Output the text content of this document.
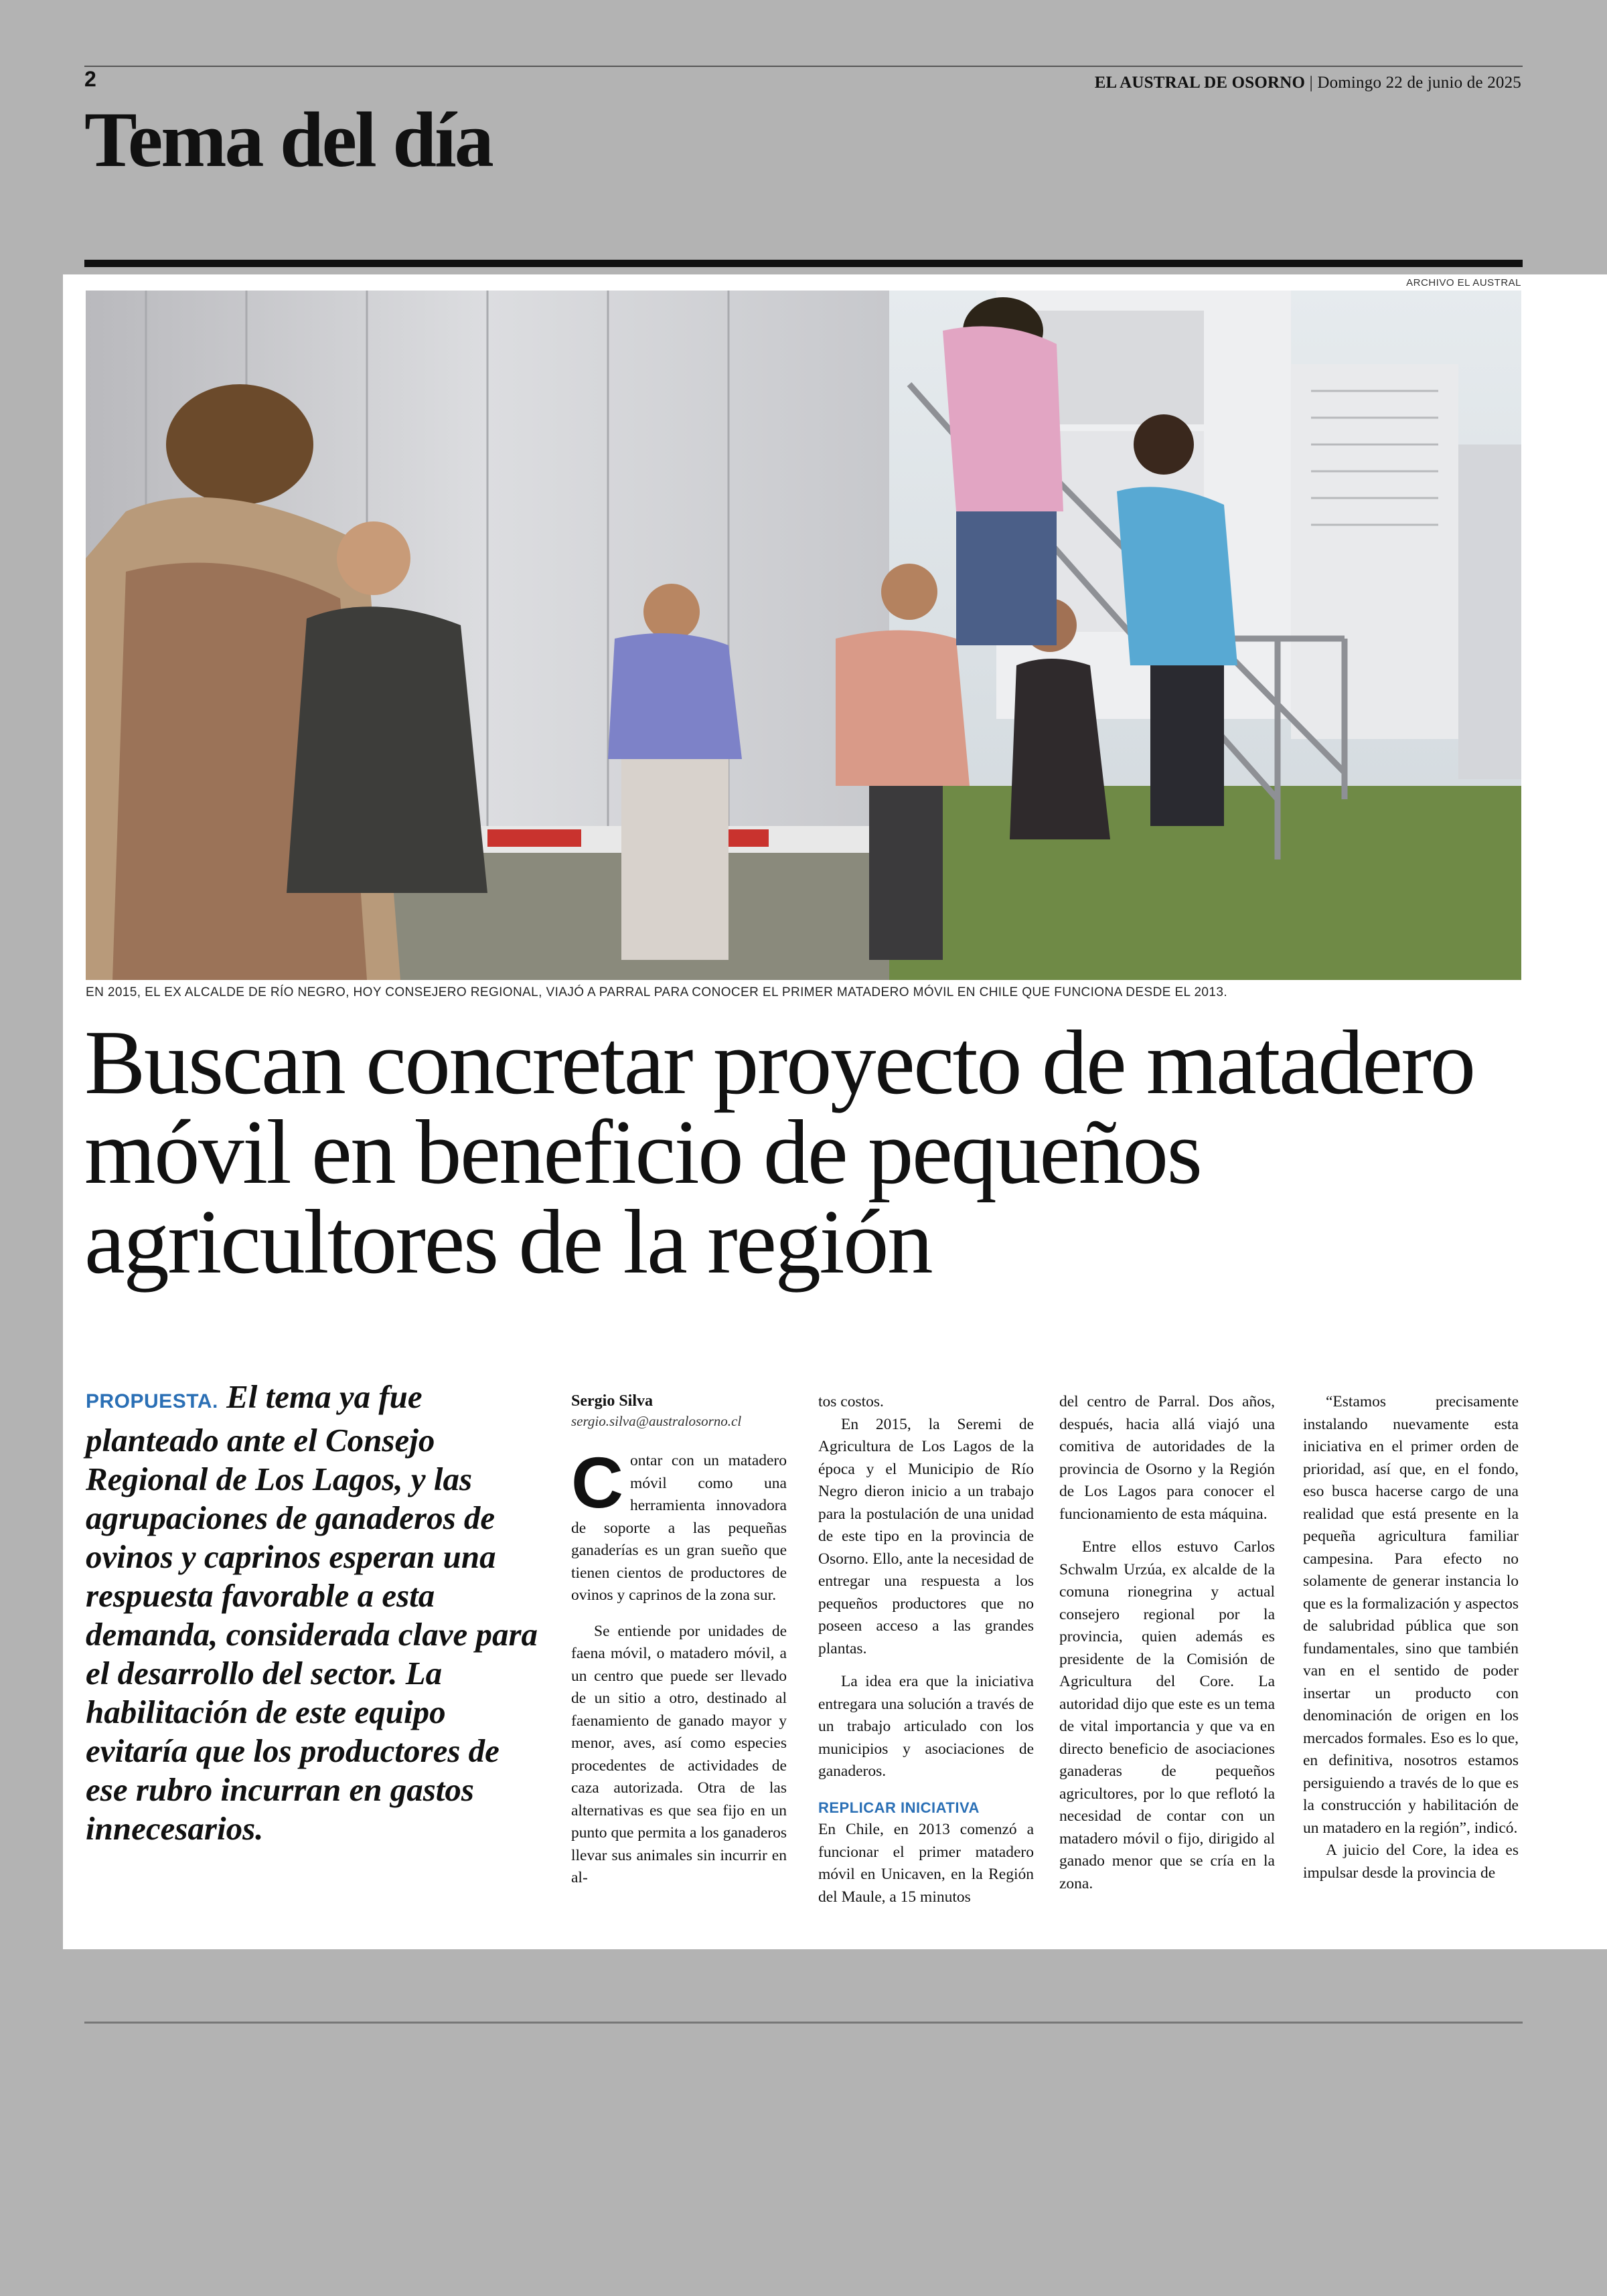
2	EL AUSTRAL DE OSORNO | Domingo 22 de junio de 2025
Tema del día
ARCHIVO EL AUSTRAL
EN 2015, EL EX ALCALDE DE RÍO NEGRO, HOY CONSEJERO REGIONAL, VIAJÓ A PARRAL PARA CONOCER EL PRIMER MATADERO MÓVIL EN CHILE QUE FUNCIONA DESDE EL 2013.
Buscan concretar proyecto de matadero móvil en beneficio de pequeños agricultores de la región

PROPUESTA. El tema ya fue planteado ante el Consejo Regional de Los Lagos, y las agrupaciones de ganaderos de ovinos y caprinos esperan una respuesta favorable a esta demanda, considerada clave para el desarrollo del sector. La habilitación de este equipo evitaría que los productores de ese rubro incurran en gastos innecesarios.

Sergio Silva
sergio.silva@australosorno.cl

Contar con un matadero móvil como una herramienta innovadora de soporte a las pequeñas ganaderías es un gran sueño que tienen cientos de productores de ovinos y caprinos de la zona sur.

Se entiende por unidades de faena móvil, o matadero móvil, a un centro que puede ser llevado de un sitio a otro, destinado al faenamiento de ganado mayor y menor, aves, así como especies procedentes de actividades de caza autorizada. Otra de las alternativas es que sea fijo en un punto que permita a los ganaderos llevar sus animales sin incurrir en al-

tos costos.

En 2015, la Seremi de Agricultura de Los Lagos de la época y el Municipio de Río Negro dieron inicio a un trabajo para la postulación de una unidad de este tipo en la provincia de Osorno. Ello, ante la necesidad de entregar una respuesta a los pequeños productores que no poseen acceso a las grandes plantas.

La idea era que la iniciativa entregara una solución a través de un trabajo articulado con los municipios y asociaciones de ganaderos.

REPLICAR INICIATIVA

En Chile, en 2013 comenzó a funcionar el primer matadero móvil en Unicaven, en la Región del Maule, a 15 minutos

del centro de Parral. Dos años, después, hacia allá viajó una comitiva de autoridades de la provincia de Osorno y la Región de Los Lagos para conocer el funcionamiento de esta máquina.

Entre ellos estuvo Carlos Schwalm Urzúa, ex alcalde de la comuna rionegrina y actual consejero regional por la provincia, quien además es presidente de la Comisión de Agricultura del Core. La autoridad dijo que este es un tema de vital importancia y que va en directo beneficio de asociaciones ganaderas de pequeños agricultores, por lo que reflotó la necesidad de contar con un matadero móvil o fijo, dirigido al ganado menor que se cría en la zona.

“Estamos precisamente instalando nuevamente esta iniciativa en el primer orden de prioridad, así que, en el fondo, eso busca hacerse cargo de una realidad que está presente en la pequeña agricultura familiar campesina. Para efecto no solamente de generar instancia lo que es la formalización y aspectos de salubridad pública que son fundamentales, sino que también van en el sentido de poder insertar un producto con denominación de origen en los mercados formales. Eso es lo que, en definitiva, nosotros estamos persiguiendo a través de lo que es la construcción y habilitación de un matadero en la región”, indicó.

A juicio del Core, la idea es impulsar desde la provincia de
